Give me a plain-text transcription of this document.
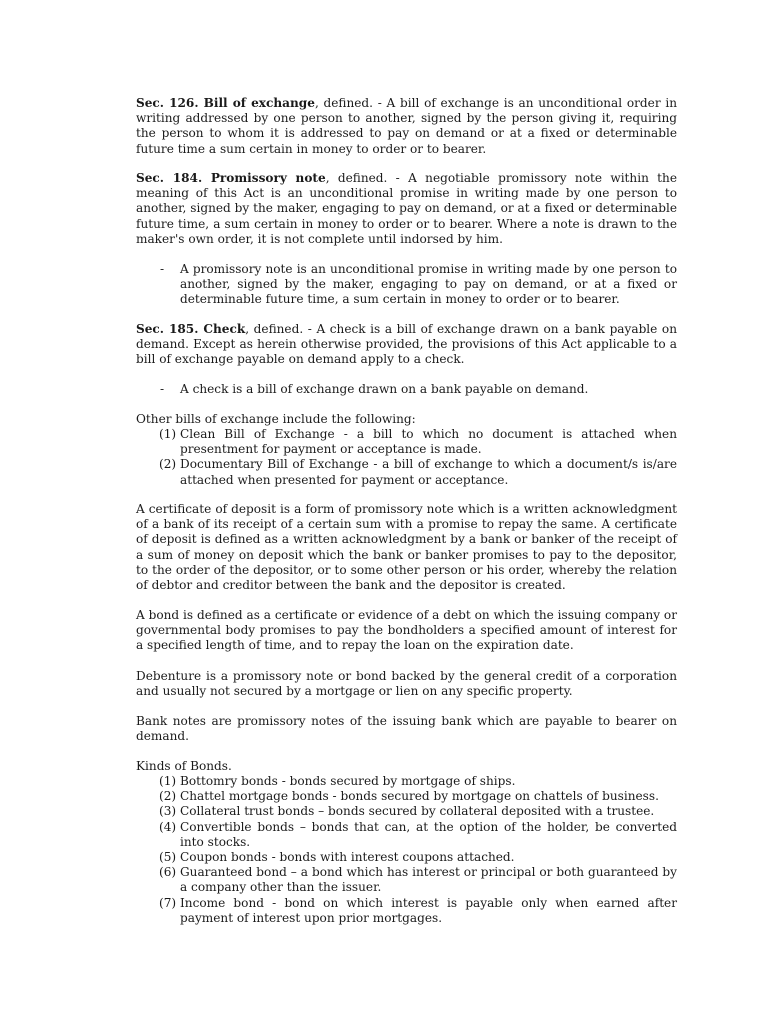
Sec. 126. Bill of exchange, defined. - A bill of exchange is an unconditional order in writing addressed by one person to another, signed by the person giving it, requiring the person to whom it is addressed to pay on demand or at a fixed or determinable future time a sum certain in money to order or to bearer.

Sec. 184. Promissory note, defined. - A negotiable promissory note within the meaning of this Act is an unconditional promise in writing made by one person to another, signed by the maker, engaging to pay on demand, or at a fixed or determinable future time, a sum certain in money to order or to bearer. Where a note is drawn to the maker's own order, it is not complete until indorsed by him.

- A promissory note is an unconditional promise in writing made by one person to another, signed by the maker, engaging to pay on demand, or at a fixed or determinable future time, a sum certain in money to order or to bearer.

Sec. 185. Check, defined. - A check is a bill of exchange drawn on a bank payable on demand. Except as herein otherwise provided, the provisions of this Act applicable to a bill of exchange payable on demand apply to a check.

- A check is a bill of exchange drawn on a bank payable on demand.

Other bills of exchange include the following:

(1) Clean Bill of Exchange - a bill to which no document is attached when presentment for payment or acceptance is made.
(2) Documentary Bill of Exchange - a bill of exchange to which a document/s is/are attached when presented for payment or acceptance.

A certificate of deposit is a form of promissory note which is a written acknowledgment of a bank of its receipt of a certain sum with a promise to repay the same. A certificate of deposit is defined as a written acknowledgment by a bank or banker of the receipt of a sum of money on deposit which the bank or banker promises to pay to the depositor, to the order of the depositor, or to some other person or his order, whereby the relation of debtor and creditor between the bank and the depositor is created.

A bond is defined as a certificate or evidence of a debt on which the issuing company or governmental body promises to pay the bondholders a specified amount of interest for a specified length of time, and to repay the loan on the expiration date.

Debenture is a promissory note or bond backed by the general credit of a corporation and usually not secured by a mortgage or lien on any specific property.

Bank notes are promissory notes of the issuing bank which are payable to bearer on demand.

Kinds of Bonds.

(1) Bottomry bonds - bonds secured by mortgage of ships.
(2) Chattel mortgage bonds - bonds secured by mortgage on chattels of business.
(3) Collateral trust bonds – bonds secured by collateral deposited with a trustee.
(4) Convertible bonds – bonds that can, at the option of the holder, be converted into stocks.
(5) Coupon bonds - bonds with interest coupons attached.
(6) Guaranteed bond – a bond which has interest or principal or both guaranteed by a company other than the issuer.
(7) Income bond - bond on which interest is payable only when earned after payment of interest upon prior mortgages.
